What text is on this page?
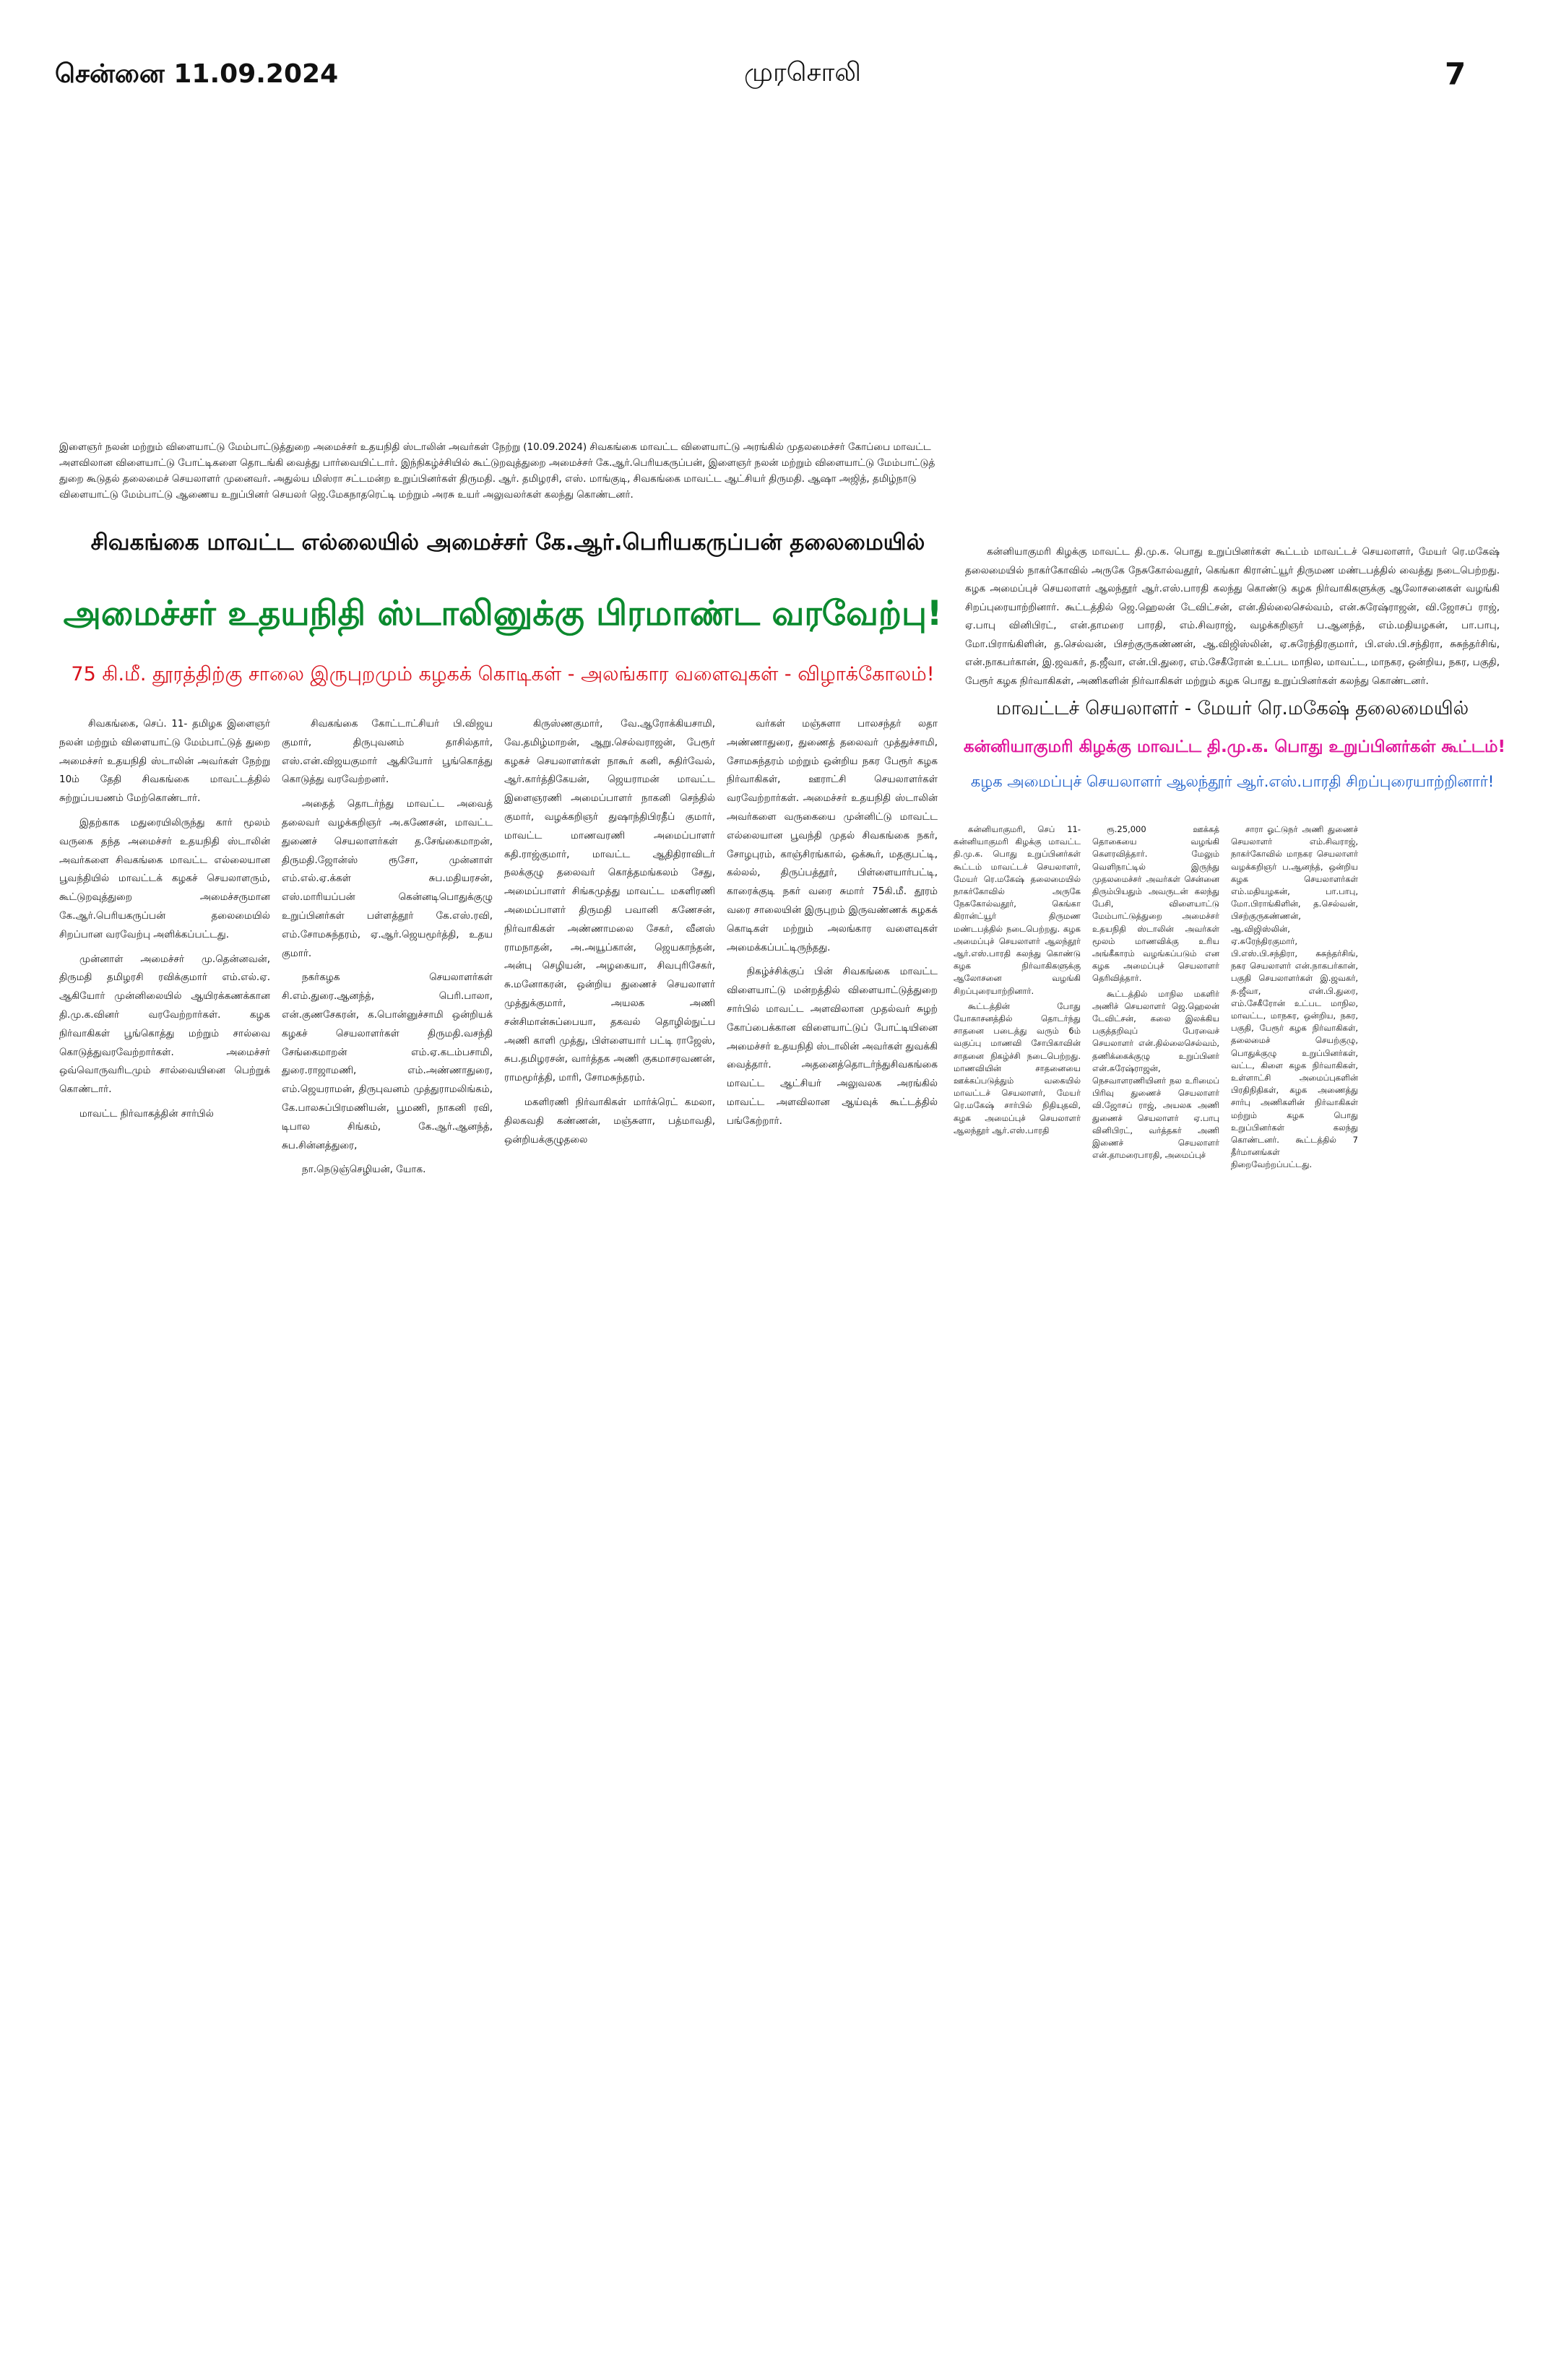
சென்னை 11.09.2024	முரசொலி	7
இளைஞர் நலன் மற்றும் விளையாட்டு மேம்பாட்டுத்துறை அமைச்சர் உதயநிதி ஸ்டாலின் அவர்கள் நேற்று (10.09.2024) சிவகங்கை மாவட்ட விளையாட்டு அரங்கில் முதலமைச்சர் கோப்பை மாவட்ட அளவிலான விளையாட்டு போட்டிகளை தொடங்கி வைத்து பார்வையிட்டார். இந்நிகழ்ச்சியில் கூட்டுறவுத்துறை அமைச்சர் கே.ஆர்.பெரியகருப்பன், இளைஞர் நலன் மற்றும் விளையாட்டு மேம்பாட்டுத் துறை கூடுதல் தலைமைச் செயலாளர் முனைவர். அதுல்ய மிஸ்ரா சட்டமன்ற உறுப்பினர்கள் திருமதி. ஆர். தமிழரசி, எஸ். மாங்குடி, சிவகங்கை மாவட்ட ஆட்சியர் திருமதி. ஆஷா அஜித், தமிழ்நாடு விளையாட்டு மேம்பாட்டு ஆணைய உறுப்பினர் செயலர் ஜெ.மேகநாதரெட்டி மற்றும் அரசு உயர் அலுவலர்கள் கலந்து கொண்டனர்.
சிவகங்கை மாவட்ட எல்லையில் அமைச்சர் கே.ஆர்.பெரியகருப்பன் தலைமையில்
அமைச்சர் உதயநிதி ஸ்டாலினுக்கு பிரமாண்ட வரவேற்பு!
75 கி.மீ. தூரத்திற்கு சாலை இருபுறமும் கழகக் கொடிகள் - அலங்கார வளைவுகள் - விழாக்கோலம்!

சிவகங்கை, செப். 11- தமிழக இளைஞர் நலன் மற்றும் விளையாட்டு மேம்பாட்டுத் துறை அமைச்சர் உதயநிதி ஸ்டாலின் அவர்கள் நேற்று 10ம் தேதி சிவகங்கை மாவட்டத்தில் சுற்றுப்பயணம் மேற்கொண்டார்.

இதற்காக மதுரையிலிருந்து கார் மூலம் வருகை தந்த அமைச்சர் உதயநிதி ஸ்டாலின் அவர்களை சிவகங்கை மாவட்ட எல்லையான பூவந்தியில் மாவட்டக் கழகச் செயலாளரும், கூட்டுறவுத்துறை அமைச்சருமான கே.ஆர்.பெரியகருப்பன் தலைமையில் சிறப்பான வரவேற்பு அளிக்கப்பட்டது.

முன்னாள் அமைச்சர் மு.தென்னவன், திருமதி தமிழரசி ரவிக்குமார் எம்.எல்.ஏ. ஆகியோர் முன்னிலையில் ஆயிரக்கணக்கான தி.மு.க.வினர் வரவேற்றார்கள். கழக நிர்வாகிகள் பூங்கொத்து மற்றும் சால்வை கொடுத்துவரவேற்றார்கள். அமைச்சர் ஒவ்வொருவரிடமும் சால்வையினை பெற்றுக் கொண்டார்.

மாவட்ட நிர்வாகத்தின் சார்பில்

சிவகங்கை கோட்டாட்சியர் பி.விஜய குமார், திருபுவனம் தாசில்தார், எஸ்.என்.விஜயகுமார் ஆகியோர் பூங்கொத்து கொடுத்து வரவேற்றனர்.

அதைத் தொடர்ந்து மாவட்ட அவைத் தலைவர் வழக்கறிஞர் அ.கணேசன், மாவட்ட துணைச் செயலாளர்கள் த.சேங்கைமாறன், திருமதி.ஜோன்ஸ் ரூசோ, முன்னாள் எம்.எல்.ஏ.க்கள் சுப.மதியரசன், எஸ்.மாரியப்பன் கென்னடிபொதுக்குழு உறுப்பினர்கள் பள்ளத்தூர் கே.எஸ்.ரவி, எம்.சோமசுந்தரம், ஏ.ஆர்.ஜெயமூர்த்தி, உதய குமார்.

நகர்கழக செயலாளர்கள் சி.எம்.துரை.ஆனந்த், பெரி.பாலா, என்.குணசேகரன், க.பொன்னுச்சாமி ஒன்றியக் கழகச் செயலாளர்கள் திருமதி.வசந்தி சேங்கைமாறன் எம்.ஏ.கடம்பசாமி, துரை.ராஜாமணி, எம்.அண்ணாதுரை, எம்.ஜெயராமன், திருபுவனம் முத்துராமலிங்கம், கே.பாலசுப்பிரமணியன், பூமணி, நாகனி ரவி, டிபால சிங்கம், கே.ஆர்.ஆனந்த், சுப.சின்னத்துரை,

நா.நெடுஞ்செழியன், யோக.

கிருஸ்ணகுமார், வே.ஆரோக்கியசாமி, வே.தமிழ்மாறன், ஆறு.செல்வராஜன், பேரூர் கழகச் செயலாளர்கள் நாகூர் கனி, சுதிர்வேல், ஆர்.கார்த்திகேயன், ஜெயராமன் மாவட்ட இளைஞரணி அமைப்பாளர் நாகனி செந்தில் குமார், வழக்கறிஞர் துஷாந்திபிரதீப் குமார், மாவட்ட மாணவரணி அமைப்பாளர் கதி.ராஜ்குமார், மாவட்ட ஆதிதிராவிடர் நலக்குழு தலைவர் கொத்தமங்கலம் சேது, அமைப்பாளர் சிங்கமுத்து மாவட்ட மகளிரணி அமைப்பாளர் திருமதி பவானி கணேசன், நிர்வாகிகள் அண்ணாமலை சேகர், வீனஸ் ராமநாதன், அ.அயூப்கான், ஜெயகாந்தன், அன்பு செழியன், அழகையா, சிவபுரிசேகர், சு.மனோகரன், ஒன்றிய துணைச் செயலாளர் முத்துக்குமார், அயலக அணி சன்சிமான்சுப்பையா, தகவல் தொழில்நுட்ப அணி காளி முத்து, பிள்ளையார் பட்டி ராஜேஸ், சுப.தமிழரசன், வார்த்தக அணி குகமாசரவணன், ராமமூர்த்தி, மாரி, சோமசுந்தரம்.

மகளிரணி நிர்வாகிகள் மார்க்ரெட் கமலா, திலகவதி கண்ணன், மஞ்சுளா, பத்மாவதி, ஒன்றியக்குழுதலை

வர்கள் மஞ்சுளா பாலசந்தர் லதா அண்ணாதுரை, துணைத் தலைவர் முத்துச்சாமி, சோமசுந்தரம் மற்றும் ஒன்றிய நகர பேரூர் கழக நிர்வாகிகள், ஊராட்சி செயலாளர்கள் வரவேற்றார்கள். அமைச்சர் உதயநிதி ஸ்டாலின் அவர்களை வருகையை முன்னிட்டு மாவட்ட எல்லையான பூவந்தி முதல் சிவகங்கை நகர், சோழபுரம், காஞ்சிரங்கால், ஒக்கூர், மதகுபட்டி, கல்லல், திருப்பத்தூர், பிள்ளையார்பட்டி, காரைக்குடி நகர் வரை சுமார் 75கி.மீ. தூரம் வரை சாலையின் இருபுறம் இருவண்ணக் கழகக் கொடிகள் மற்றும் அலங்கார வளைவுகள் அமைக்கப்பட்டிருந்தது.

நிகழ்ச்சிக்குப் பின் சிவகங்கை மாவட்ட விளையாட்டு மன்றத்தில் விளையாட்டுத்துறை சார்பில் மாவட்ட அளவிலான முதல்வர் சுழற் கோப்பைக்கான விளையாட்டுப் போட்டியினை அமைச்சர் உதயநிதி ஸ்டாலின் அவர்கள் துவக்கி வைத்தார். அதனைத்தொடர்ந்துசிவகங்கை மாவட்ட ஆட்சியர் அலுவலக அரங்கில் மாவட்ட அளவிலான ஆய்வுக் கூட்டத்தில் பங்கேற்றார்.

கன்னியாகுமரி கிழக்கு மாவட்ட தி.மு.க. பொது உறுப்பினர்கள் கூட்டம் மாவட்டச் செயலாளர், மேயர் ரெ.மகேஷ் தலைமையில் நாகர்கோவில் அருகே நேசுகோல்வதூர், கெங்கா கிரான்ட்யூர் திருமண மண்டபத்தில் வைத்து நடைபெற்றது. கழக அமைப்புச் செயலாளர் ஆலந்தூர் ஆர்.எஸ்.பாரதி கலந்து கொண்டு கழக நிர்வாகிகளுக்கு ஆலோசனைகள் வழங்கி சிறப்புரையாற்றினார். கூட்டத்தில் ஜெ.ஹெலன் டேவிட்சன், என்.தில்லைசெல்வம், என்.சுரேஷ்ராஜன், வி.ஜோசப் ராஜ், ஏ.பாபு வினிபிரட், என்.தாமரை பாரதி, எம்.சிவராஜ், வழக்கறிஞர் ப.ஆனந்த், எம்.மதியழகன், பா.பாபு, மோ.பிராங்கிளின், த.செல்வன், பிசற்குருகண்ணன், ஆ.விஜிஸ்லின், ஏ.சுரேந்திரகுமார், பி.எஸ்.பி.சந்திரா, சுசுந்தர்சிங், என்.நாகபர்கான், இ.ஜவகர், த.ஜீவா, என்.பி.துரை, எம்.சேகீரோன் உட்பட மாநில, மாவட்ட, மாநகர, ஒன்றிய, நகர, பகுதி, பேரூர் கழக நிர்வாகிகள், அணிகளின் நிர்வாகிகள் மற்றும் கழக பொது உறுப்பினர்கள் கலந்து கொண்டனர்.
மாவட்டச் செயலாளர் - மேயர் ரெ.மகேஷ் தலைமையில்
கன்னியாகுமரி கிழக்கு மாவட்ட தி.மு.க. பொது உறுப்பினர்கள் கூட்டம்!
கழக அமைப்புச் செயலாளர் ஆலந்தூர் ஆர்.எஸ்.பாரதி சிறப்புரையாற்றினார்!

கன்னியாகுமரி, செப் 11- கன்னியாகுமரி கிழக்கு மாவட்ட தி.மு.க. பொது உறுப்பினர்கள் கூட்டம் மாவட்டச் செயலாளர், மேயர் ரெ.மகேஷ் தலைமையில் நாகர்கோவில் அருகே நேசுகோல்வதூர், கெங்கா கிரான்ட்யூர் திருமண மண்டபத்தில் நடைபெற்றது. கழக அமைப்புச் செயலாளர் ஆலந்தூர் ஆர்.எஸ்.பாரதி கலந்து கொண்டு கழக நிர்வாகிகளுக்கு ஆலோசனை வழங்கி சிறப்புரையாற்றினார்.

கூட்டத்தின் போது யோகாசனத்தில் தொடர்ந்து சாதனை படைத்து வரும் 6ம் வகுப்பு மாணவி சோபிகாவின் சாதனை நிகழ்ச்சி நடைபெற்றது. மாணவியின் சாதனையை ஊக்கப்படுத்தும் வகையில் மாவட்டச் செயலாளர், மேயர் ரெ.மகேஷ் சார்பில் நிதியுதவி, கழக அமைப்புச் செயலாளர் ஆலந்தூர் ஆர்.எஸ்.பாரதி

ரூ.25,000 ஊக்கத் தொகையை வழங்கி கௌரவித்தார். மேலும் வெளிநாட்டில் இருந்து முதலமைச்சர் அவர்கள் சென்னை திரும்பியதும் அவருடன் கலந்து பேசி, விளையாட்டு மேம்பாட்டுத்துறை அமைச்சர் உதயநிதி ஸ்டாலின் அவர்கள் மூலம் மாணவிக்கு உரிய அங்கீகாரம் வழங்கப்படும் என கழக அமைப்புச் செயலாளர் தெரிவித்தார்.

கூட்டத்தில் மாநில மகளிர் அணிச் செயலாளர் ஜெ.ஹெலன் டேவிட்சன், கலை இலக்கிய பகுத்தறிவுப் பேரவைச் செயலாளர் என்.தில்லைசெல்வம், தணிக்கைக்குழு உறுப்பினர் என்.சுரேஷ்ராஜன், நெசவாளரணியினர் நல உரிமைப் பிரிவு துணைச் செயலாளர் வி.ஜோசப் ராஜ், அயலக அணி துணைச் செயலாளர் ஏ.பாபு வினிபிரட், வர்த்தகர் அணி இணைச் செயலாளர் என்.தாமரைபாரதி, அமைப்புச்

சாரா ஓட்டுநர் அணி துணைச் செயலாளர் எம்.சிவராஜ், நாகர்கோவில் மாநகர செயலாளர் வழக்கறிஞர் ப.ஆனந்த், ஒன்றிய கழக செயலாளர்கள் எம்.மதியழகன், பா.பாபு, மோ.பிராங்கிளின், த.செல்வன், பிசற்குருகண்ணன், ஆ.விஜிஸ்லின், ஏ.சுரேந்திரகுமார், பி.எஸ்.பி.சந்திரா, சுசுந்தர்சிங், நகர செயலாளர் என்.நாகபர்கான், பகுதி செயலாளர்கள் இ.ஜவகர், த.ஜீவா, என்.பி.துரை, எம்.சேகீரோன் உட்பட மாநில, மாவட்ட, மாநகர, ஒன்றிய, நகர, பகுதி, பேரூர் கழக நிர்வாகிகள், தலைமைச் செயற்குழு, பொதுக்குழு உறுப்பினர்கள், வட்ட, கிளை கழக நிர்வாகிகள், உள்ளாட்சி அமைப்புகளின் பிரதிநிதிகள், கழக அணைத்து சார்பு அணிகளின் நிர்வாகிகள் மற்றும் கழக பொது உறுப்பினர்கள் கலந்து கொண்டனர். கூட்டத்தில் 7 தீர்மானங்கள் நிறைவேற்றப்பட்டது.
